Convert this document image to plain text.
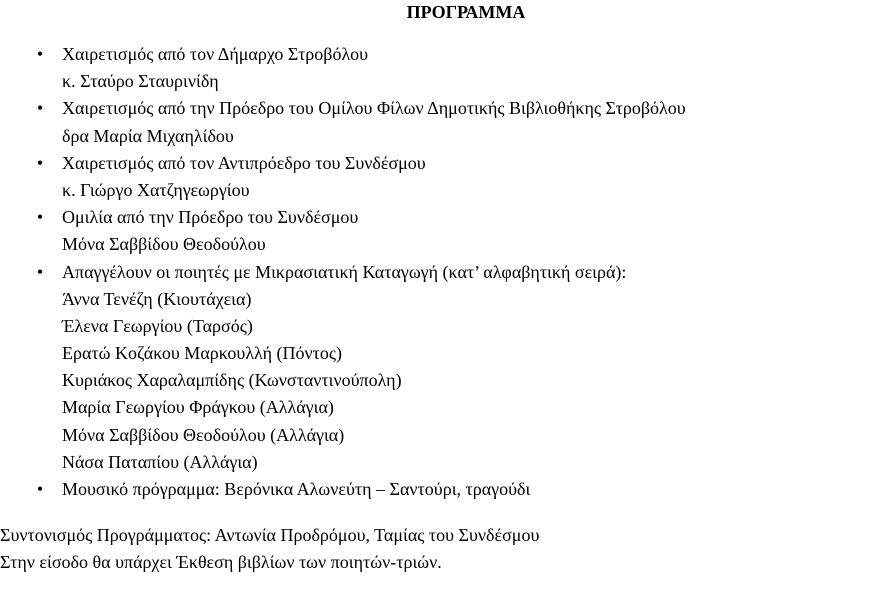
ΠΡΟΓΡΑΜΜΑ
• Χαιρετισμός από τον Δήμαρχο Στροβόλου
κ. Σταύρο Σταυρινίδη
• Χαιρετισμός από την Πρόεδρο του Ομίλου Φίλων Δημοτικής Βιβλιοθήκης Στροβόλου
δρα Μαρία Μιχαηλίδου
• Χαιρετισμός από τον Αντιπρόεδρο του Συνδέσμου
κ. Γιώργο Χατζηγεωργίου
• Ομιλία από την Πρόεδρο του Συνδέσμου
Μόνα Σαββίδου Θεοδούλου
• Απαγγέλουν οι ποιητές με Μικρασιατική Καταγωγή (κατ’ αλφαβητική σειρά):
Άννα Τενέζη (Κιουτάχεια)
Έλενα Γεωργίου (Ταρσός)
Ερατώ Κοζάκου Μαρκουλλή (Πόντος)
Κυριάκος Χαραλαμπίδης (Κωνσταντινούπολη)
Μαρία Γεωργίου Φράγκου (Αλλάγια)
Μόνα Σαββίδου Θεοδούλου (Αλλάγια)
Νάσα Παταπίου (Αλλάγια)
• Μουσικό πρόγραμμα: Βερόνικα Αλωνεύτη – Σαντούρι, τραγούδι
Συντονισμός Προγράμματος: Αντωνία Προδρόμου, Ταμίας του Συνδέσμου
Στην είσοδο θα υπάρχει Έκθεση βιβλίων των ποιητών-τριών.
